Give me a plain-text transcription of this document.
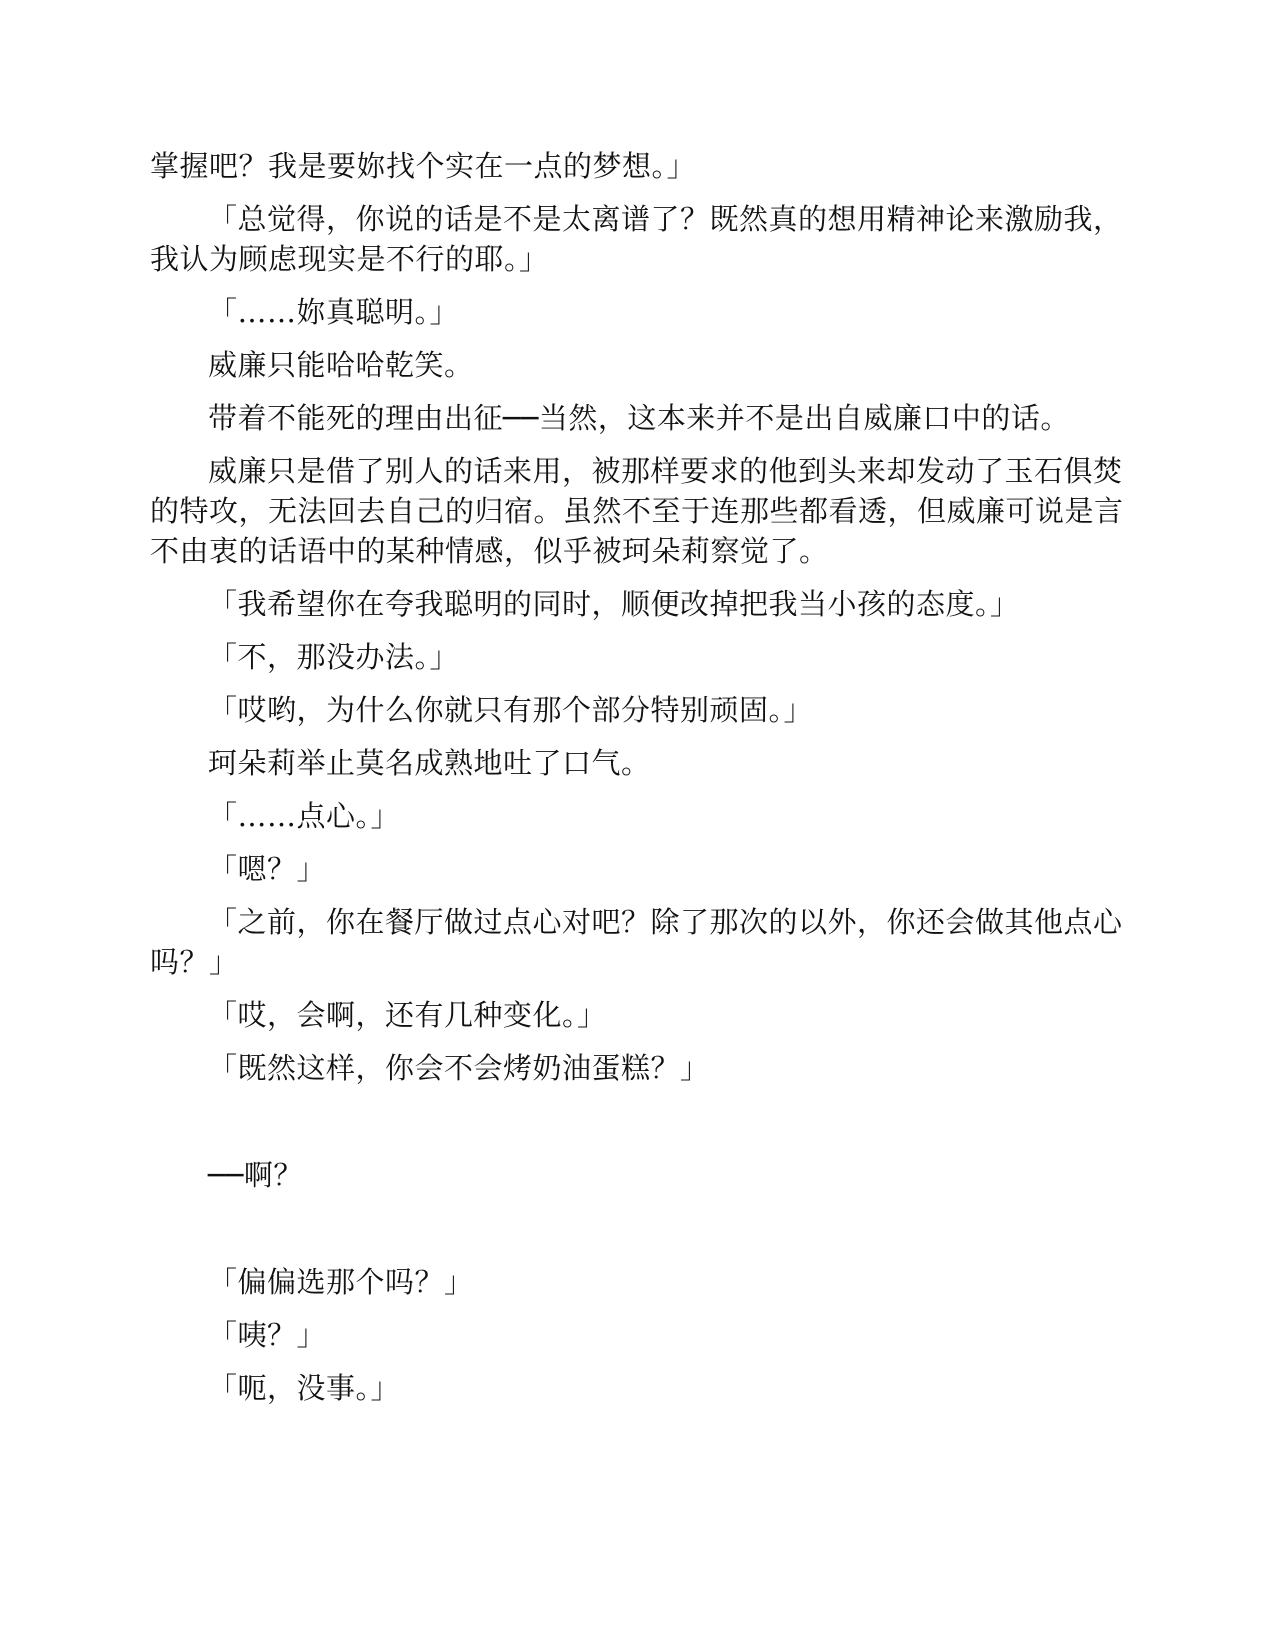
掌握吧？我是要妳找个实在一点的梦想。」

「总觉得，你说的话是不是太离谱了？既然真的想用精神论来激励我，我认为顾虑现实是不行的耶。」

「……妳真聪明。」

威廉只能哈哈乾笑。

带着不能死的理由出征──当然，这本来并不是出自威廉口中的话。

威廉只是借了别人的话来用，被那样要求的他到头来却发动了玉石俱焚的特攻，无法回去自己的归宿。虽然不至于连那些都看透，但威廉可说是言不由衷的话语中的某种情感，似乎被珂朵莉察觉了。

「我希望你在夸我聪明的同时，顺便改掉把我当小孩的态度。」

「不，那没办法。」

「哎哟，为什么你就只有那个部分特别顽固。」

珂朵莉举止莫名成熟地吐了口气。

「……点心。」

「嗯？」

「之前，你在餐厅做过点心对吧？除了那次的以外，你还会做其他点心吗？」

「哎，会啊，还有几种变化。」

「既然这样，你会不会烤奶油蛋糕？」

──啊？

「偏偏选那个吗？」

「咦？」

「呃，没事。」
